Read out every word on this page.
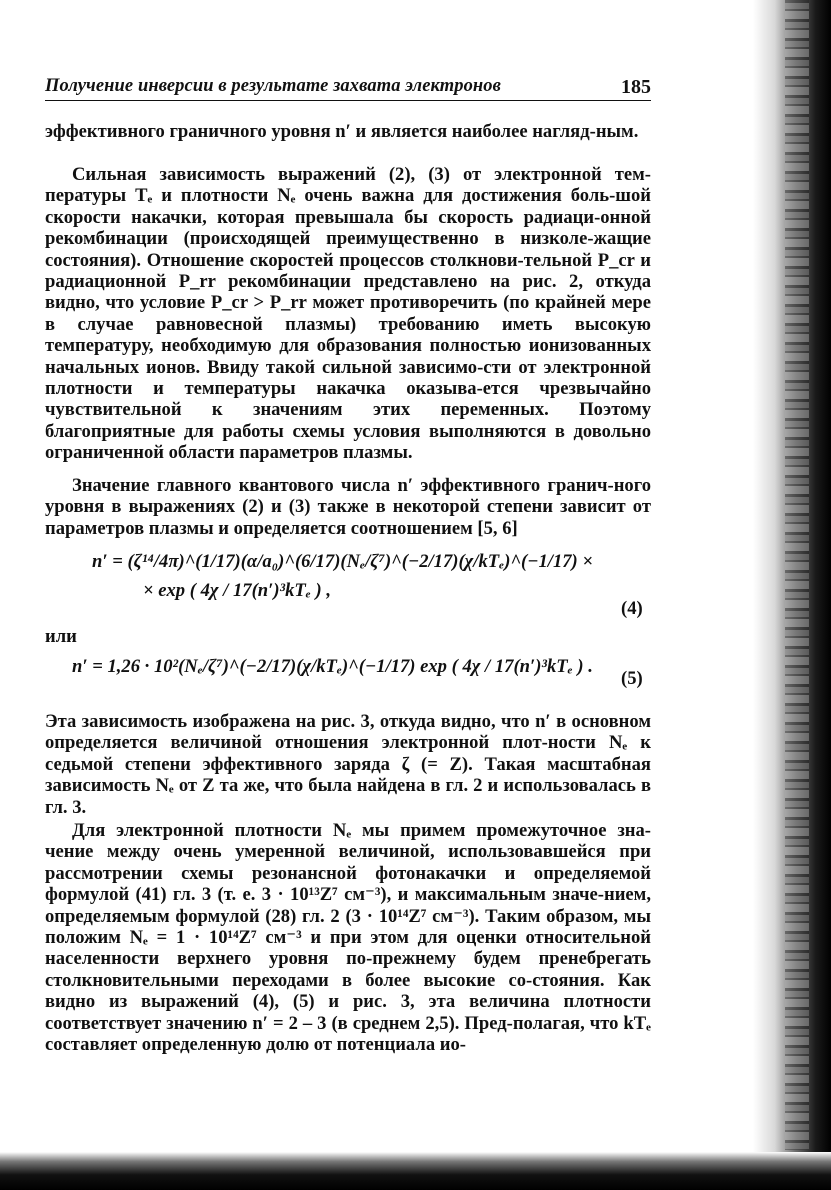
Получение инверсии в результате захвата электронов	185
эффективного граничного уровня n′ и является наиболее нагляд-ным.
Сильная зависимость выражений (2), (3) от электронной тем-пературы Tₑ и плотности Nₑ очень важна для достижения боль-шой скорости накачки, которая превышала бы скорость радиаци-онной рекомбинации (происходящей преимущественно в низколе-жащие состояния). Отношение скоростей процессов столкнови-тельной P_cr и радиационной P_rr рекомбинации представлено на рис. 2, откуда видно, что условие P_cr > P_rr может противоречить (по крайней мере в случае равновесной плазмы) требованию иметь высокую температуру, необходимую для образования полностью ионизованных начальных ионов. Ввиду такой сильной зависимо-сти от электронной плотности и температуры накачка оказыва-ется чрезвычайно чувствительной к значениям этих переменных. Поэтому благоприятные для работы схемы условия выполняются в довольно ограниченной области параметров плазмы.
Значение главного квантового числа n′ эффективного гранич-ного уровня в выражениях (2) и (3) также в некоторой степени зависит от параметров плазмы и определяется соотношением [5, 6]
n′ = (ζ¹⁴/4π)^(1/17)(α/a₀)^(6/17)(Nₑ/ζ⁷)^(−2/17)(χ/kTₑ)^(−1/17) ×
× exp ( 4χ / 17(n′)³kTₑ ) ,
(4)
или
n′ = 1,26 · 10²(Nₑ/ζ⁷)^(−2/17)(χ/kTₑ)^(−1/17) exp ( 4χ / 17(n′)³kTₑ ) .
(5)
Эта зависимость изображена на рис. 3, откуда видно, что n′ в основном определяется величиной отношения электронной плот-ности Nₑ к седьмой степени эффективного заряда ζ (= Z). Такая масштабная зависимость Nₑ от Z та же, что была найдена в гл. 2 и использовалась в гл. 3.
Для электронной плотности Nₑ мы примем промежуточное зна-чение между очень умеренной величиной, использовавшейся при рассмотрении схемы резонансной фотонакачки и определяемой формулой (41) гл. 3 (т. е. 3 · 10¹³Z⁷ см⁻³), и максимальным значе-нием, определяемым формулой (28) гл. 2 (3 · 10¹⁴Z⁷ см⁻³). Таким образом, мы положим Nₑ = 1 · 10¹⁴Z⁷ см⁻³ и при этом для оценки относительной населенности верхнего уровня по-прежнему будем пренебрегать столкновительными переходами в более высокие со-стояния. Как видно из выражений (4), (5) и рис. 3, эта величина плотности соответствует значению n′ = 2 – 3 (в среднем 2,5). Пред-полагая, что kTₑ составляет определенную долю от потенциала ио-
